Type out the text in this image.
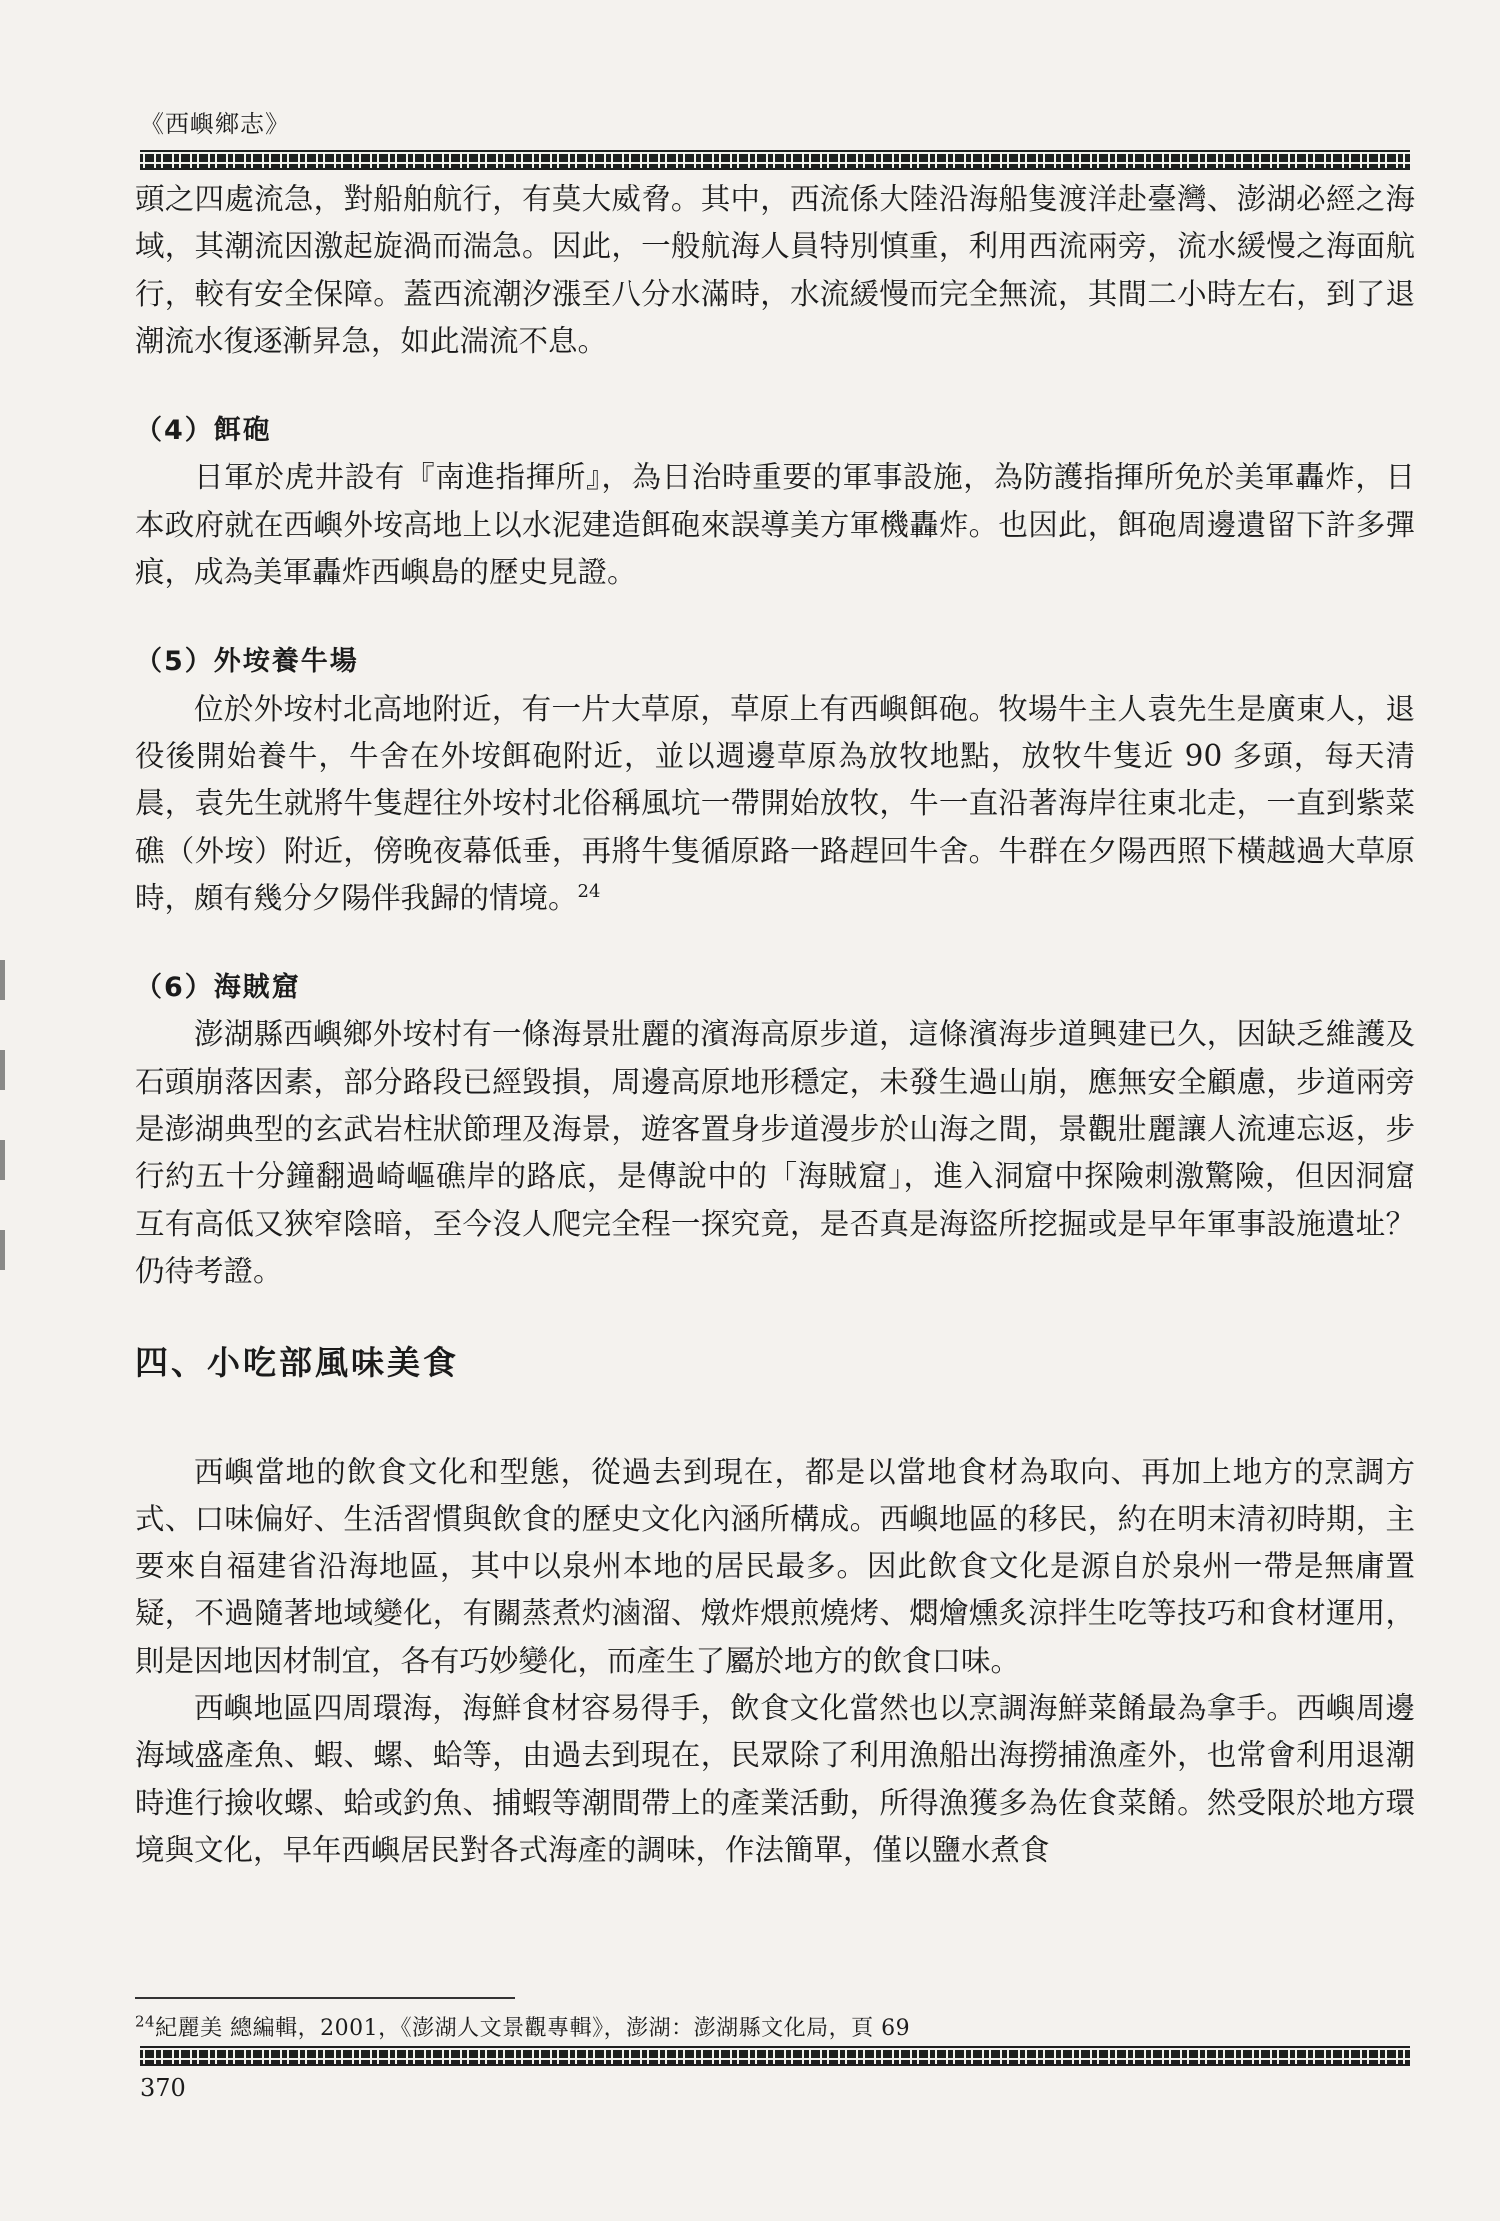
《西嶼鄉志》

頭之四處流急，對船舶航行，有莫大威脅。其中，西流係大陸沿海船隻渡洋赴臺灣、澎湖必經之海域，其潮流因激起旋渦而湍急。因此，一般航海人員特別慎重，利用西流兩旁，流水緩慢之海面航行，較有安全保障。蓋西流潮汐漲至八分水滿時，水流緩慢而完全無流，其間二小時左右，到了退潮流水復逐漸昇急，如此湍流不息。

（4）餌砲

日軍於虎井設有『南進指揮所』，為日治時重要的軍事設施，為防護指揮所免於美軍轟炸，日本政府就在西嶼外垵高地上以水泥建造餌砲來誤導美方軍機轟炸。也因此，餌砲周邊遺留下許多彈痕，成為美軍轟炸西嶼島的歷史見證。

（5）外垵養牛場

位於外垵村北高地附近，有一片大草原，草原上有西嶼餌砲。牧場牛主人袁先生是廣東人，退役後開始養牛，牛舍在外垵餌砲附近，並以週邊草原為放牧地點，放牧牛隻近 90 多頭，每天清晨，袁先生就將牛隻趕往外垵村北俗稱風坑一帶開始放牧，牛一直沿著海岸往東北走，一直到紫菜礁（外垵）附近，傍晚夜幕低垂，再將牛隻循原路一路趕回牛舍。牛群在夕陽西照下橫越過大草原時，頗有幾分夕陽伴我歸的情境。$^{24}$

（6）海賊窟

澎湖縣西嶼鄉外垵村有一條海景壯麗的濱海高原步道，這條濱海步道興建已久，因缺乏維護及石頭崩落因素，部分路段已經毀損，周邊高原地形穩定，未發生過山崩，應無安全顧慮，步道兩旁是澎湖典型的玄武岩柱狀節理及海景，遊客置身步道漫步於山海之間，景觀壯麗讓人流連忘返，步行約五十分鐘翻過崎嶇礁岸的路底，是傳說中的「海賊窟」，進入洞窟中探險刺激驚險，但因洞窟互有高低又狹窄陰暗，至今沒人爬完全程一探究竟，是否真是海盜所挖掘或是早年軍事設施遺址？仍待考證。

四、小吃部風味美食

西嶼當地的飲食文化和型態，從過去到現在，都是以當地食材為取向、再加上地方的烹調方式、口味偏好、生活習慣與飲食的歷史文化內涵所構成。西嶼地區的移民，約在明末清初時期，主要來自福建省沿海地區，其中以泉州本地的居民最多。因此飲食文化是源自於泉州一帶是無庸置疑，不過隨著地域變化，有關蒸煮灼滷溜、燉炸煨煎燒烤、燜燴燻炙涼拌生吃等技巧和食材運用，則是因地因材制宜，各有巧妙變化，而產生了屬於地方的飲食口味。

西嶼地區四周環海，海鮮食材容易得手，飲食文化當然也以烹調海鮮菜餚最為拿手。西嶼周邊海域盛產魚、蝦、螺、蛤等，由過去到現在，民眾除了利用漁船出海撈捕漁產外，也常會利用退潮時進行撿收螺、蛤或釣魚、捕蝦等潮間帶上的產業活動，所得漁獲多為佐食菜餚。然受限於地方環境與文化，早年西嶼居民對各式海產的調味，作法簡單，僅以鹽水煮食

$^{24}$紀麗美 總編輯，2001，《澎湖人文景觀專輯》，澎湖：澎湖縣文化局，頁 69
370
